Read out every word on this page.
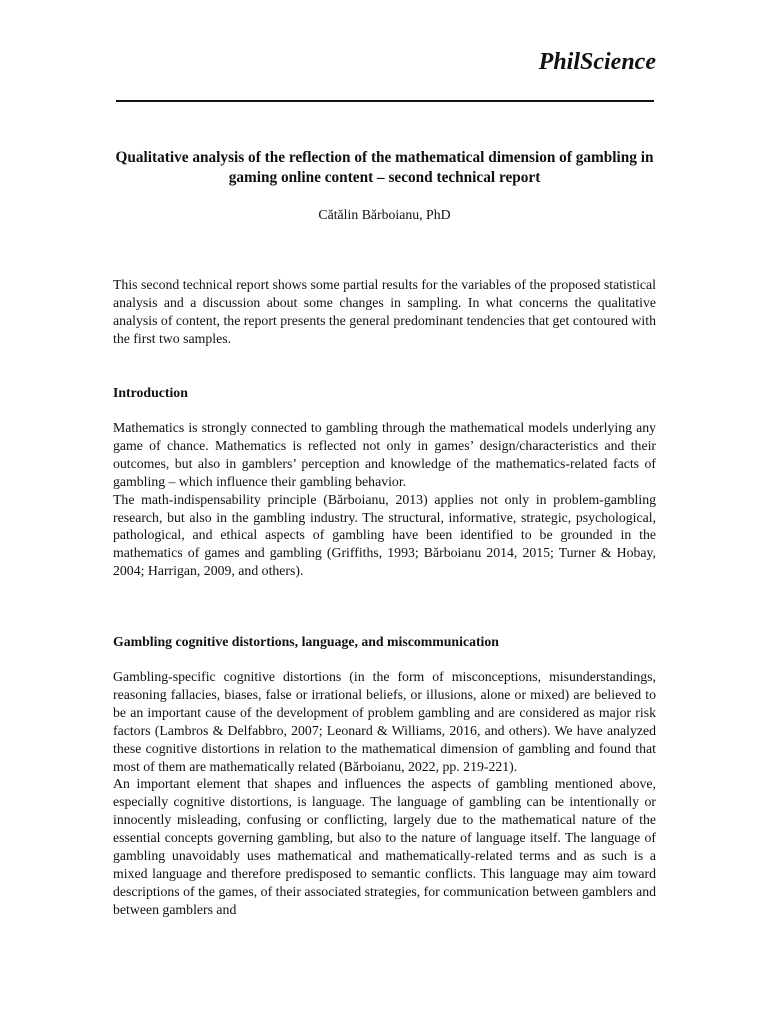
PhilScience
Qualitative analysis of the reflection of the mathematical dimension of gambling in gaming online content – second technical report
Cătălin Bărboianu, PhD

This second technical report shows some partial results for the variables of the proposed statistical analysis and a discussion about some changes in sampling. In what concerns the qualitative analysis of content, the report presents the general predominant tendencies that get contoured with the first two samples.

Introduction

Mathematics is strongly connected to gambling through the mathematical models underlying any game of chance. Mathematics is reflected not only in games’ design/characteristics and their outcomes, but also in gamblers’ perception and knowledge of the mathematics-related facts of gambling – which influence their gambling behavior.

The math-indispensability principle (Bărboianu, 2013) applies not only in problem-gambling research, but also in the gambling industry. The structural, informative, strategic, psychological, pathological, and ethical aspects of gambling have been identified to be grounded in the mathematics of games and gambling (Griffiths, 1993; Bărboianu 2014, 2015; Turner & Hobay, 2004; Harrigan, 2009, and others).

Gambling cognitive distortions, language, and miscommunication

Gambling-specific cognitive distortions (in the form of misconceptions, misunderstandings, reasoning fallacies, biases, false or irrational beliefs, or illusions, alone or mixed) are believed to be an important cause of the development of problem gambling and are considered as major risk factors (Lambros & Delfabbro, 2007; Leonard & Williams, 2016, and others). We have analyzed these cognitive distortions in relation to the mathematical dimension of gambling and found that most of them are mathematically related (Bărboianu, 2022, pp. 219-221).

An important element that shapes and influences the aspects of gambling mentioned above, especially cognitive distortions, is language. The language of gambling can be intentionally or innocently misleading, confusing or conflicting, largely due to the mathematical nature of the essential concepts governing gambling, but also to the nature of language itself. The language of gambling unavoidably uses mathematical and mathematically-related terms and as such is a mixed language and therefore predisposed to semantic conflicts. This language may aim toward descriptions of the games, of their associated strategies, for communication between gamblers and between gamblers and
